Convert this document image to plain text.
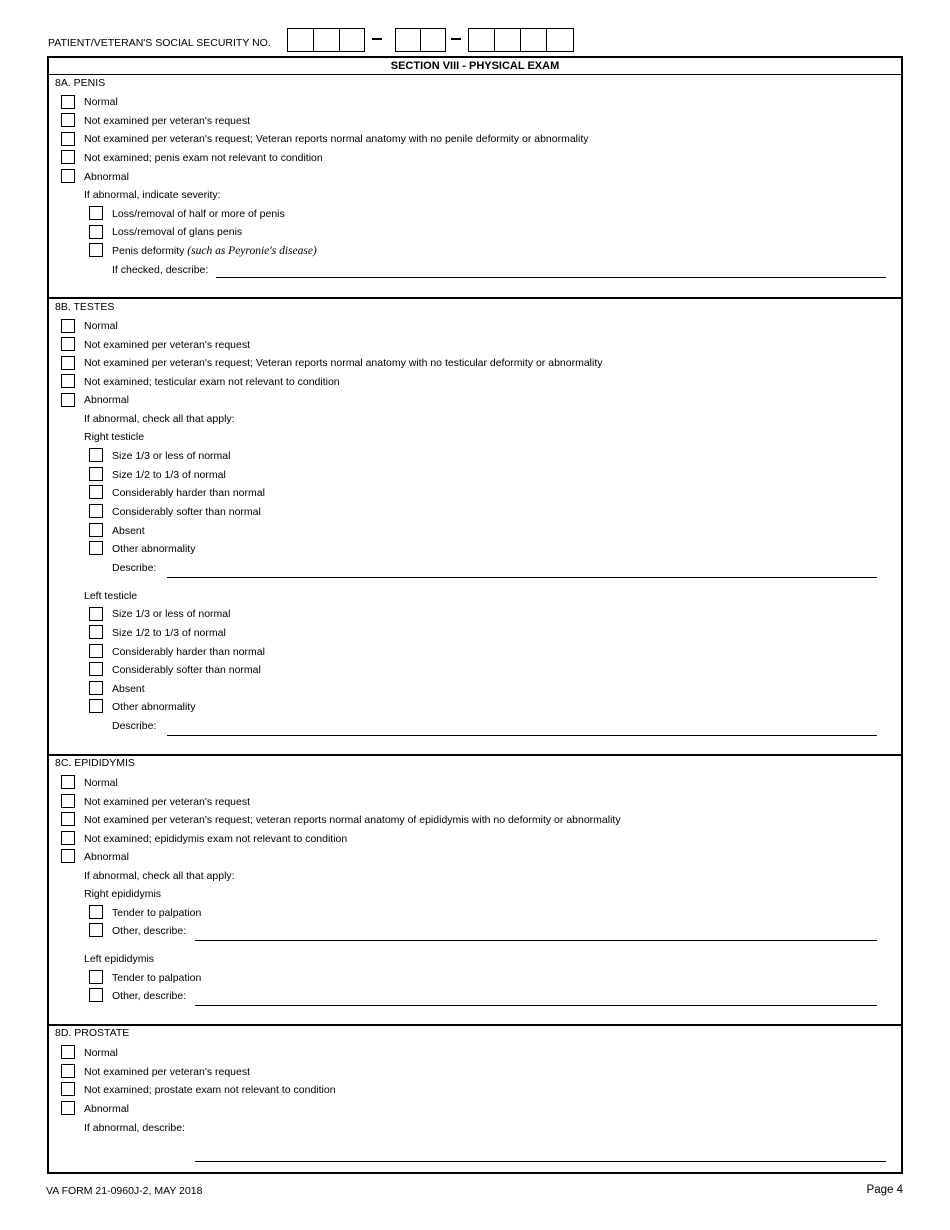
PATIENT/VETERAN'S SOCIAL SECURITY NO.
SECTION VIII - PHYSICAL EXAM
8A. PENIS
Normal
Not examined per veteran's request
Not examined per veteran's request; Veteran reports normal anatomy with no penile deformity or abnormality
Not examined; penis exam not relevant to condition
Abnormal
If abnormal, indicate severity:
Loss/removal of half or more of penis
Loss/removal of glans penis
Penis deformity (such as Peyronie's disease)
If checked, describe:
8B. TESTES
Normal
Not examined per veteran's request
Not examined per veteran's request; Veteran reports normal anatomy with no testicular deformity or abnormality
Not examined; testicular exam not relevant to condition
Abnormal
If abnormal, check all that apply:
Right testicle
Size 1/3 or less of normal
Size 1/2 to 1/3 of normal
Considerably harder than normal
Considerably softer than normal
Absent
Other abnormality
Describe:
Left testicle
Size 1/3 or less of normal
Size 1/2 to 1/3 of normal
Considerably harder than normal
Considerably softer than normal
Absent
Other abnormality
Describe:
8C. EPIDIDYMIS
Normal
Not examined per veteran's request
Not examined per veteran's request; veteran reports normal anatomy of epididymis with no deformity or abnormality
Not examined; epididymis exam not relevant to condition
Abnormal
If abnormal, check all that apply:
Right epididymis
Tender to palpation
Other, describe:
Left epididymis
Tender to palpation
Other, describe:
8D. PROSTATE
Normal
Not examined per veteran's request
Not examined; prostate exam not relevant to condition
Abnormal
If abnormal, describe:
VA FORM 21-0960J-2, MAY 2018	Page 4
